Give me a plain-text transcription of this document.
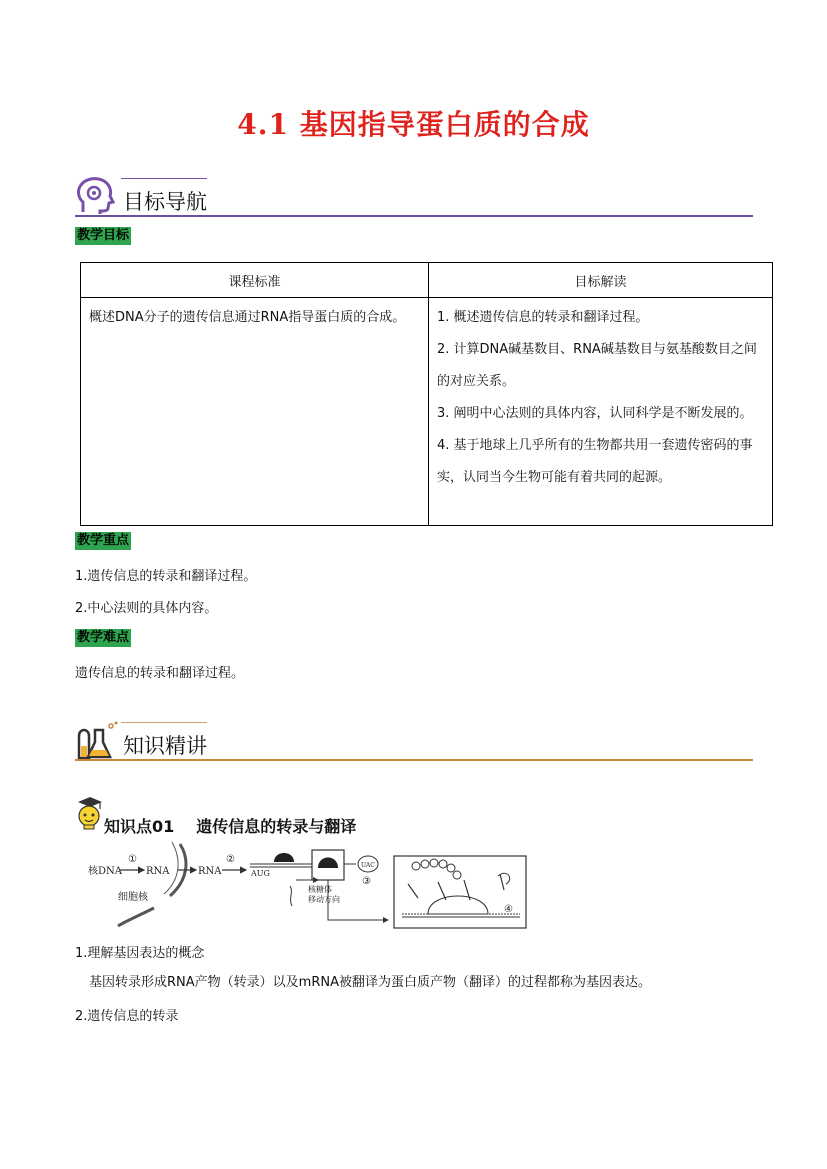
4.1 基因指导蛋白质的合成
目标导航
教学目标
课程标准	目标解读
概述DNA分子的遗传信息通过RNA指导蛋白质的合成。	1. 概述遗传信息的转录和翻译过程。
2. 计算DNA碱基数目、RNA碱基数目与氨基酸数目之间的对应关系。
3. 阐明中心法则的具体内容，认同科学是不断发展的。
4. 基于地球上几乎所有的生物都共用一套遗传密码的事实，认同当今生物可能有着共同的起源。
教学重点
1.遗传信息的转录和翻译过程。
2.中心法则的具体内容。
教学难点
遗传信息的转录和翻译过程。
知识精讲
知识点01 遗传信息的转录与翻译
核DNA
①
RNA
细胞核
RNA
②
AUG
核糖体
移动方向
UAC
③
④
1.理解基因表达的概念
基因转录形成RNA产物（转录）以及mRNA被翻译为蛋白质产物（翻译）的过程都称为基因表达。
2.遗传信息的转录
